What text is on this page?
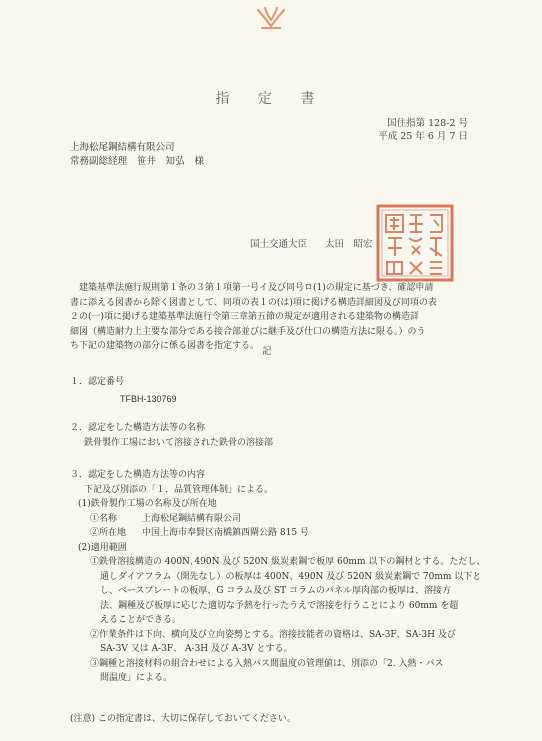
指 定 書
国住指第 128-2 号
平成 25 年 6 月 7 日
上海松尾鋼結構有限公司
常務副総経理 笹井　知弘 様
国土交通大臣 太田　昭宏

建築基準法施行規則第１条の３第１項第一号イ及び同号ロ(1)の規定に基づき、確認申請

書に添える図書から除く図書として、同項の表１の(は)項に掲げる構造詳細図及び同項の表

２の(一)項に掲げる建築基準法施行令第三章第五節の規定が適用される建築物の構造詳

細図（構造耐力上主要な部分である接合部並びに継手及び仕口の構造方法に限る。）のう

ち下記の建築物の部分に係る図書を指定する。 記
１．認定番号
TFBH-130769
２．認定をした構造方法等の名称
鉄骨製作工場において溶接された鉄骨の溶接部
３．認定をした構造方法等の内容
下記及び別添の「１．品質管理体制」による。
(1)鉄骨製作工場の名称及び所在地
①名称	上海松尾鋼結構有限公司
②所在地 中国上海市奉賢区南橋鎮西閘公路 815 号
(2)適用範囲
①鉄骨溶接構造の 400N､490N 及び 520N 級炭素鋼で板厚 60mm 以下の鋼材とする。ただし、
通しダイアフラム（開先なし）の板厚は 400N、490N 及び 520N 級炭素鋼で 70mm 以下と
し、ベースプレートの板厚、G コラム及び ST コラムのパネル厚肉部の板厚は、溶接方
法、鋼種及び板厚に応じた適切な予熱を行ったうえで溶接を行うことにより 60mm を超
えることができる。
②作業条件は下向、横向及び立向姿勢とする。溶接技能者の資格は、SA-3F、SA-3H 及び
SA-3V 又は A-3F、 A-3H 及び A-3V とする。
③鋼種と溶接材料の組合わせによる入熱パス間温度の管理値は、別添の「2. 入熱・パス
間温度」による。
(注意) この指定書は、大切に保存しておいてください。
